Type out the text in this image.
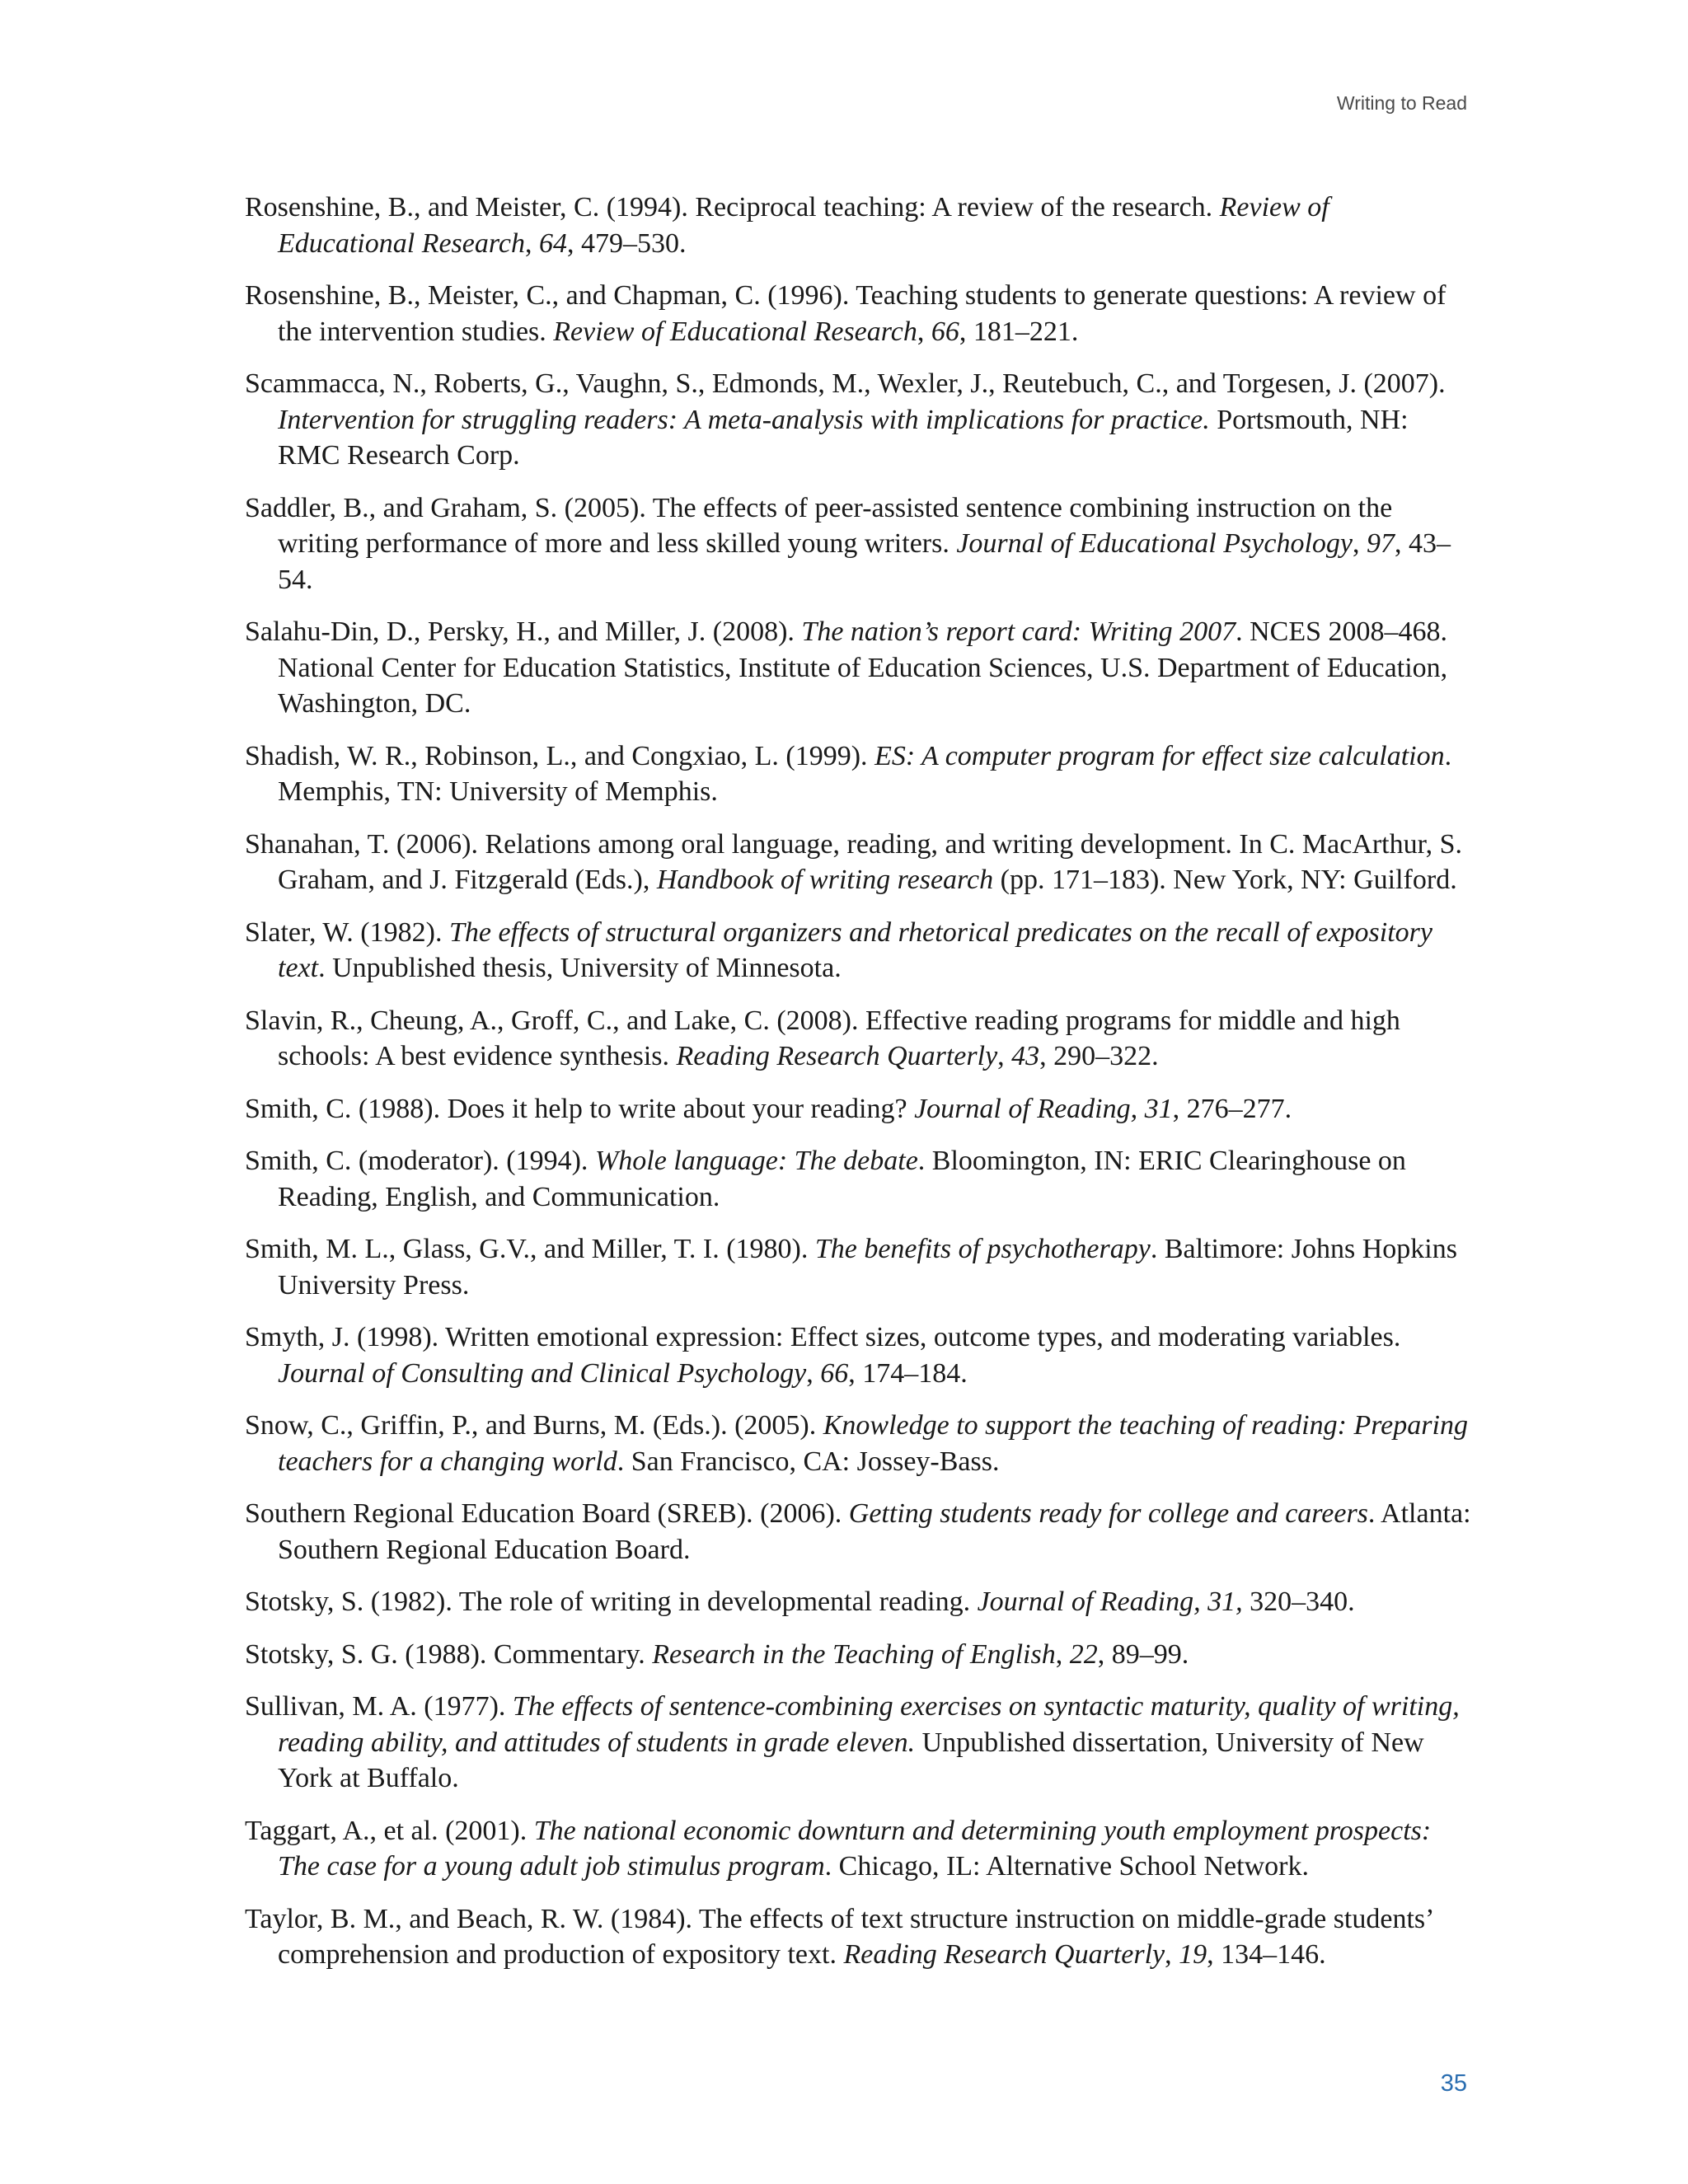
Writing to Read

Rosenshine, B., and Meister, C. (1994). Reciprocal teaching: A review of the research. Review of Educational Research, 64, 479–530.

Rosenshine, B., Meister, C., and Chapman, C. (1996). Teaching students to generate questions: A review of the intervention studies. Review of Educational Research, 66, 181–221.

Scammacca, N., Roberts, G., Vaughn, S., Edmonds, M., Wexler, J., Reutebuch, C., and Torgesen, J. (2007). Intervention for struggling readers: A meta-analysis with implications for practice. Portsmouth, NH: RMC Research Corp.

Saddler, B., and Graham, S. (2005). The effects of peer-assisted sentence combining instruction on the writing performance of more and less skilled young writers. Journal of Educational Psychology, 97, 43–54.

Salahu-Din, D., Persky, H., and Miller, J. (2008). The nation’s report card: Writing 2007. NCES 2008–468. National Center for Education Statistics, Institute of Education Sciences, U.S. Department of Education, Washington, DC.

Shadish, W. R., Robinson, L., and Congxiao, L. (1999). ES: A computer program for effect size calculation. Memphis, TN: University of Memphis.

Shanahan, T. (2006). Relations among oral language, reading, and writing development. In C. MacArthur, S. Graham, and J. Fitzgerald (Eds.), Handbook of writing research (pp. 171–183). New York, NY: Guilford.

Slater, W. (1982). The effects of structural organizers and rhetorical predicates on the recall of expository text. Unpublished thesis, University of Minnesota.

Slavin, R., Cheung, A., Groff, C., and Lake, C. (2008). Effective reading programs for middle and high schools: A best evidence synthesis. Reading Research Quarterly, 43, 290–322.

Smith, C. (1988). Does it help to write about your reading? Journal of Reading, 31, 276–277.

Smith, C. (moderator). (1994). Whole language: The debate. Bloomington, IN: ERIC Clearinghouse on Reading, English, and Communication.

Smith, M. L., Glass, G.V., and Miller, T. I. (1980). The benefits of psychotherapy. Baltimore: Johns Hopkins University Press.

Smyth, J. (1998). Written emotional expression: Effect sizes, outcome types, and moderating variables. Journal of Consulting and Clinical Psychology, 66, 174–184.

Snow, C., Griffin, P., and Burns, M. (Eds.). (2005). Knowledge to support the teaching of reading: Preparing teachers for a changing world. San Francisco, CA: Jossey-Bass.

Southern Regional Education Board (SREB). (2006). Getting students ready for college and careers. Atlanta: Southern Regional Education Board.

Stotsky, S. (1982). The role of writing in developmental reading. Journal of Reading, 31, 320–340.

Stotsky, S. G. (1988). Commentary. Research in the Teaching of English, 22, 89–99.

Sullivan, M. A. (1977). The effects of sentence-combining exercises on syntactic maturity, quality of writing, reading ability, and attitudes of students in grade eleven. Unpublished dissertation, University of New York at Buffalo.

Taggart, A., et al. (2001). The national economic downturn and determining youth employment prospects: The case for a young adult job stimulus program. Chicago, IL: Alternative School Network.

Taylor, B. M., and Beach, R. W. (1984). The effects of text structure instruction on middle-grade students’ comprehension and production of expository text. Reading Research Quarterly, 19, 134–146.

35
